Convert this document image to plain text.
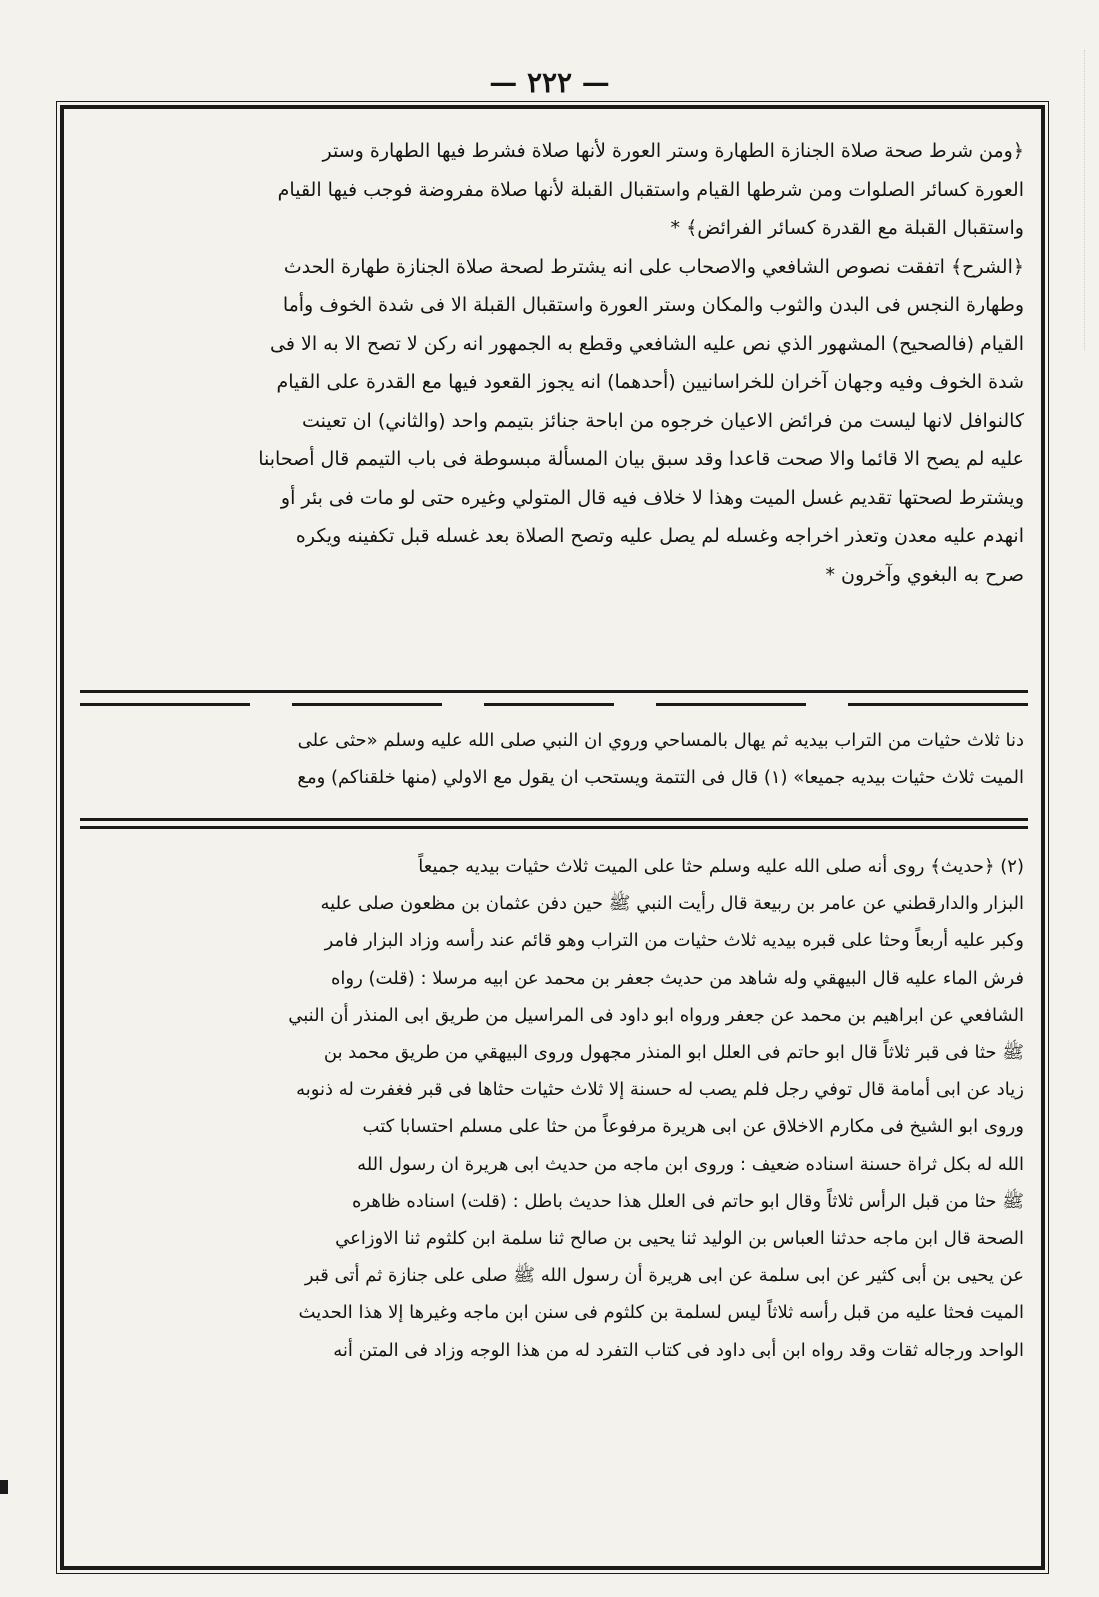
— ٢٢٢ —

﴿ومن شرط صحة صلاة الجنازة الطهارة وستر العورة لأنها صلاة فشرط فيها الطهارة وستر

العورة كسائر الصلوات ومن شرطها القيام واستقبال القبلة لأنها صلاة مفروضة فوجب فيها القيام

واستقبال القبلة مع القدرة كسائر الفرائض﴾ *

﴿الشرح﴾ اتفقت نصوص الشافعي والاصحاب على انه يشترط لصحة صلاة الجنازة طهارة الحدث

وطهارة النجس فى البدن والثوب والمكان وستر العورة واستقبال القبلة الا فى شدة الخوف وأما

القيام (فالصحيح) المشهور الذي نص عليه الشافعي وقطع به الجمهور انه ركن لا تصح الا به الا فى

شدة الخوف وفيه وجهان آخران للخراسانيين (أحدهما) انه يجوز القعود فيها مع القدرة على القيام

كالنوافل لانها ليست من فرائض الاعيان خرجوه من اباحة جنائز بتيمم واحد (والثاني) ان تعينت

عليه لم يصح الا قائما والا صحت قاعدا وقد سبق بيان المسألة مبسوطة فى باب التيمم قال أصحابنا

ويشترط لصحتها تقديم غسل الميت وهذا لا خلاف فيه قال المتولي وغيره حتى لو مات فى بئر أو

انهدم عليه معدن وتعذر اخراجه وغسله لم يصل عليه وتصح الصلاة بعد غسله قبل تكفينه ويكره

صرح به البغوي وآخرون *

دنا ثلاث حثيات من التراب بيديه ثم يهال بالمساحي وروي ان النبي صلى الله عليه وسلم «حثى على

الميت ثلاث حثيات بيديه جميعا» (١) قال فى التتمة ويستحب ان يقول مع الاولي (منها خلقناكم) ومع

(٢) ﴿حديث﴾ روى أنه صلى الله عليه وسلم حثا على الميت ثلاث حثيات بيديه جميعاً

البزار والدارقطني عن عامر بن ربيعة قال رأيت النبي ﷺ حين دفن عثمان بن مظعون صلى عليه

وكبر عليه أربعاً وحثا على قبره بيديه ثلاث حثيات من التراب وهو قائم عند رأسه وزاد البزار فامر

فرش الماء عليه قال البيهقي وله شاهد من حديث جعفر بن محمد عن ابيه مرسلا : (قلت) رواه

الشافعي عن ابراهيم بن محمد عن جعفر ورواه ابو داود فى المراسيل من طريق ابى المنذر أن النبي

ﷺ حثا فى قبر ثلاثاً قال ابو حاتم فى العلل ابو المنذر مجهول وروى البيهقي من طريق محمد بن

زياد عن ابى أمامة قال توفي رجل فلم يصب له حسنة إلا ثلاث حثيات حثاها فى قبر فغفرت له ذنوبه

وروى ابو الشيخ فى مكارم الاخلاق عن ابى هريرة مرفوعاً من حثا على مسلم احتسابا كتب

الله له بكل ثراة حسنة اسناده ضعيف : وروى ابن ماجه من حديث ابى هريرة ان رسول الله

ﷺ حثا من قبل الرأس ثلاثاً وقال ابو حاتم فى العلل هذا حديث باطل : (قلت) اسناده ظاهره

الصحة قال ابن ماجه حدثنا العباس بن الوليد ثنا يحيى بن صالح ثنا سلمة ابن كلثوم ثنا الاوزاعي

عن يحيى بن أبى كثير عن ابى سلمة عن ابى هريرة أن رسول الله ﷺ صلى على جنازة ثم أتى قبر

الميت فحثا عليه من قبل رأسه ثلاثاً ليس لسلمة بن كلثوم فى سنن ابن ماجه وغيرها إلا هذا الحديث

الواحد ورجاله ثقات وقد رواه ابن أبى داود فى كتاب التفرد له من هذا الوجه وزاد فى المتن أنه
